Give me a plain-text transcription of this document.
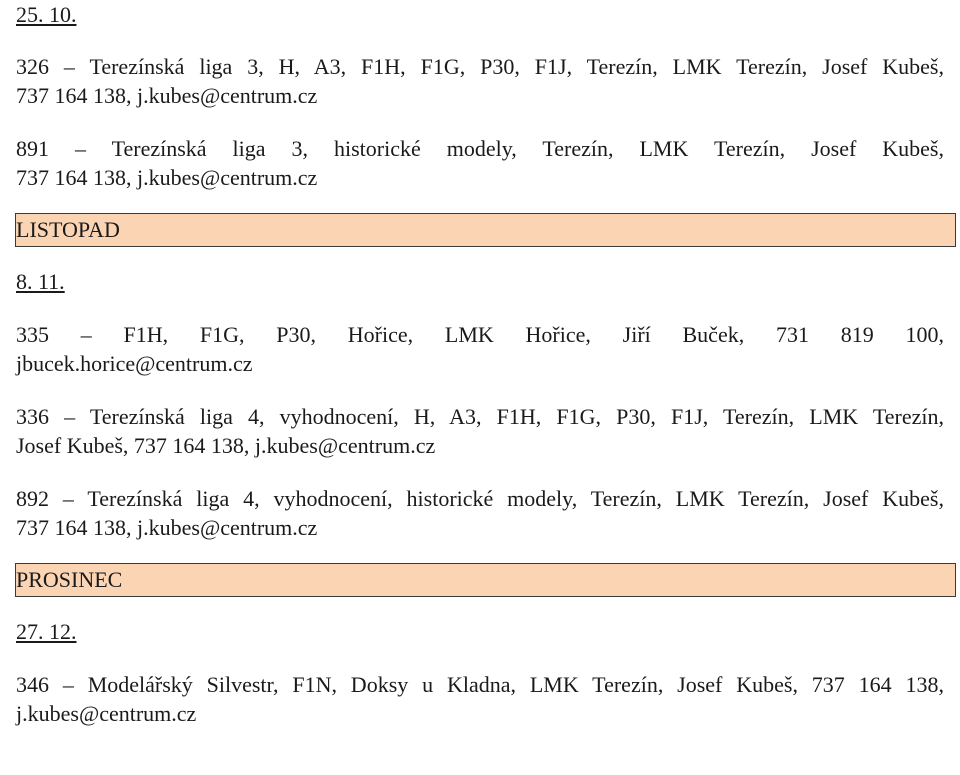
25. 10.

326 – Terezínská liga 3, H, A3, F1H, F1G, P30, F1J, Terezín, LMK Terezín, Josef Kubeš,
737 164 138, j.kubes@centrum.cz

891 – Terezínská liga 3, historické modely, Terezín, LMK Terezín, Josef Kubeš,
737 164 138, j.kubes@centrum.cz

LISTOPAD

8. 11.

335 – F1H, F1G, P30, Hořice, LMK Hořice, Jiří Buček, 731 819 100,
jbucek.horice@centrum.cz

336 – Terezínská liga 4, vyhodnocení, H, A3, F1H, F1G, P30, F1J, Terezín, LMK Terezín,
Josef Kubeš, 737 164 138, j.kubes@centrum.cz

892 – Terezínská liga 4, vyhodnocení, historické modely, Terezín, LMK Terezín, Josef Kubeš,
737 164 138, j.kubes@centrum.cz

PROSINEC

27. 12.

346 – Modelářský Silvestr, F1N, Doksy u Kladna, LMK Terezín, Josef Kubeš, 737 164 138,
j.kubes@centrum.cz
